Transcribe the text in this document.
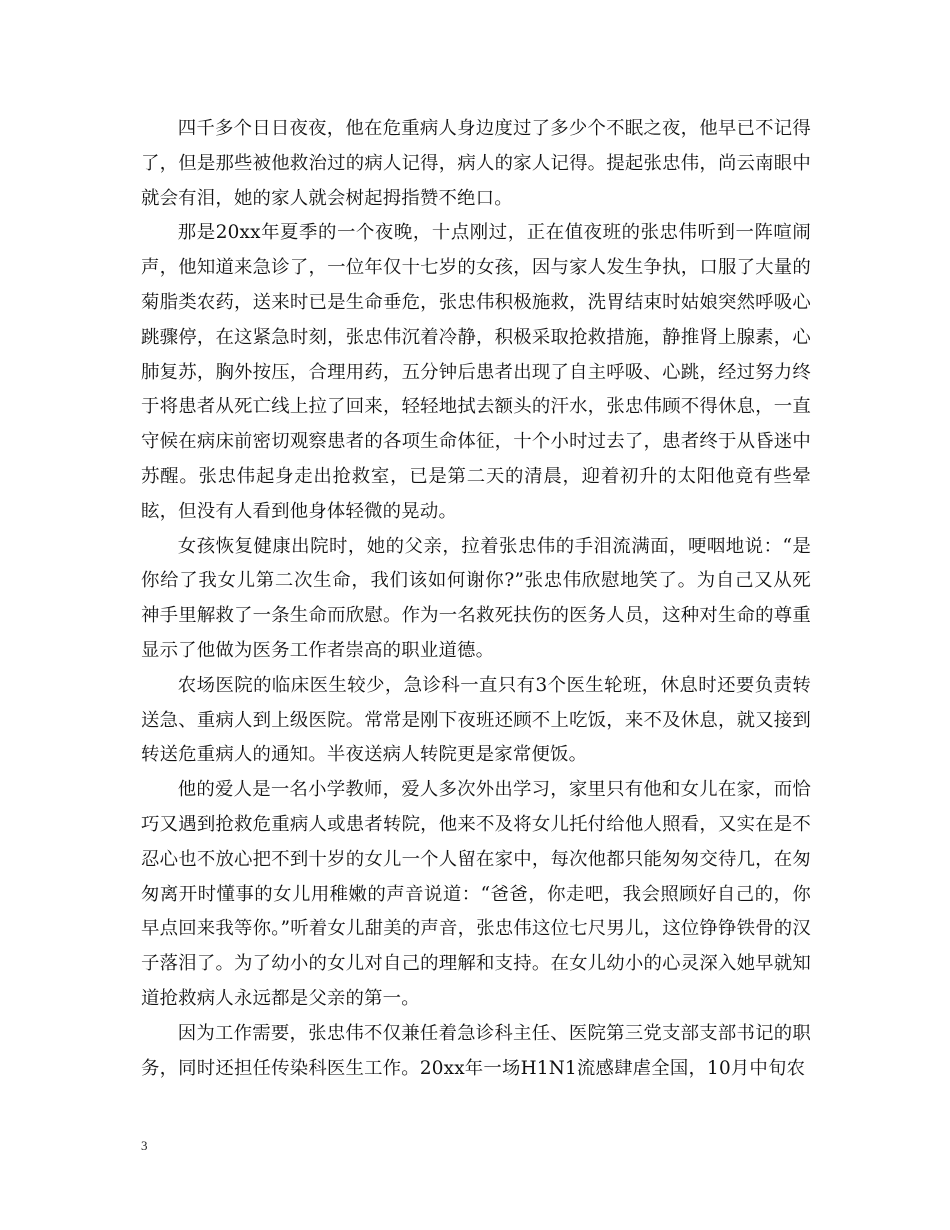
四千多个日日夜夜，他在危重病人身边度过了多少个不眠之夜，他早已不记得了，但是那些被他救治过的病人记得，病人的家人记得。提起张忠伟，尚云南眼中就会有泪，她的家人就会树起拇指赞不绝口。

那是20xx年夏季的一个夜晚，十点刚过，正在值夜班的张忠伟听到一阵喧闹声，他知道来急诊了，一位年仅十七岁的女孩，因与家人发生争执，口服了大量的菊脂类农药，送来时已是生命垂危，张忠伟积极施救，洗胃结束时姑娘突然呼吸心跳骤停，在这紧急时刻，张忠伟沉着冷静，积极采取抢救措施，静推肾上腺素，心肺复苏，胸外按压，合理用药，五分钟后患者出现了自主呼吸、心跳，经过努力终于将患者从死亡线上拉了回来，轻轻地拭去额头的汗水，张忠伟顾不得休息，一直守候在病床前密切观察患者的各项生命体征，十个小时过去了，患者终于从昏迷中苏醒。张忠伟起身走出抢救室，已是第二天的清晨，迎着初升的太阳他竟有些晕眩，但没有人看到他身体轻微的晃动。

女孩恢复健康出院时，她的父亲，拉着张忠伟的手泪流满面，哽咽地说：“是你给了我女儿第二次生命，我们该如何谢你?”张忠伟欣慰地笑了。为自己又从死神手里解救了一条生命而欣慰。作为一名救死扶伤的医务人员，这种对生命的尊重显示了他做为医务工作者崇高的职业道德。

农场医院的临床医生较少，急诊科一直只有3个医生轮班，休息时还要负责转送急、重病人到上级医院。常常是刚下夜班还顾不上吃饭，来不及休息，就又接到转送危重病人的通知。半夜送病人转院更是家常便饭。

他的爱人是一名小学教师，爱人多次外出学习，家里只有他和女儿在家，而恰巧又遇到抢救危重病人或患者转院，他来不及将女儿托付给他人照看，又实在是不忍心也不放心把不到十岁的女儿一个人留在家中，每次他都只能匆匆交待几，在匆匆离开时懂事的女儿用稚嫩的声音说道：“爸爸，你走吧，我会照顾好自己的，你早点回来我等你。”听着女儿甜美的声音，张忠伟这位七尺男儿，这位铮铮铁骨的汉子落泪了。为了幼小的女儿对自己的理解和支持。在女儿幼小的心灵深入她早就知道抢救病人永远都是父亲的第一。

因为工作需要，张忠伟不仅兼任着急诊科主任、医院第三党支部支部书记的职务，同时还担任传染科医生工作。20xx年一场H1N1流感肆虐全国，10月中旬农

3
